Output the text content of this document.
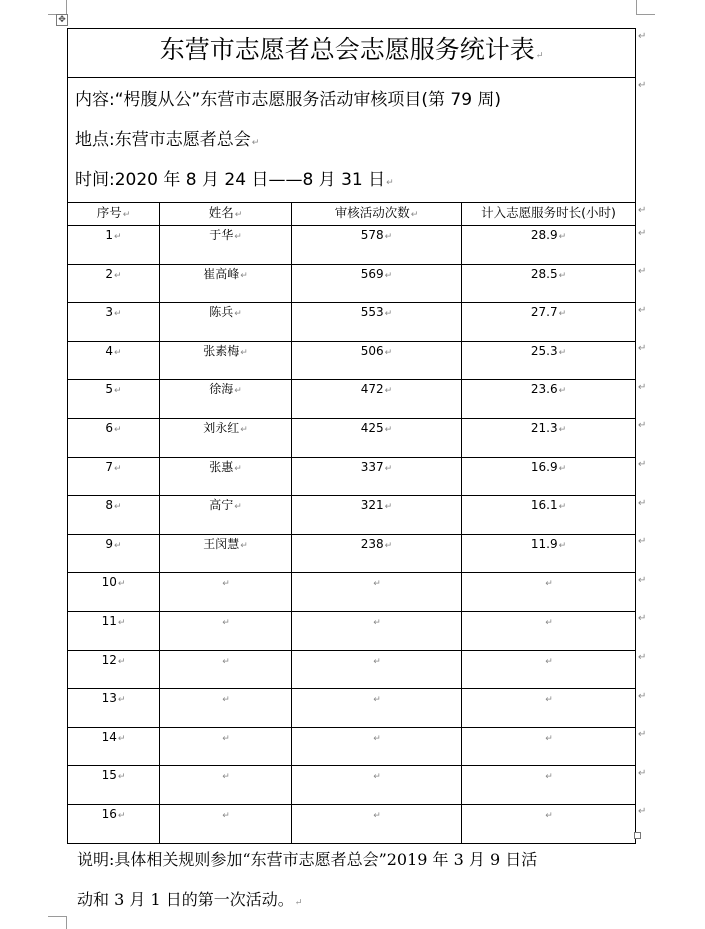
✥
东营市志愿者总会志愿服务统计表↵			

内容:“枵腹从公”东营市志愿服务活动审核项目(第 79 周)
地点:东营市志愿者总会↵
时间:2020 年 8 月 24 日——8 月 31 日↵			

序号↵	姓名↵	审核活动次数↵	计入志愿服务时长(小时)
1↵	于华↵	578↵	28.9↵
2↵	崔高峰↵	569↵	28.5↵
3↵	陈兵↵	553↵	27.7↵
4↵	张素梅↵	506↵	25.3↵
5↵	徐海↵	472↵	23.6↵
6↵	刘永红↵	425↵	21.3↵
7↵	张惠↵	337↵	16.9↵
8↵	高宁↵	321↵	16.1↵
9↵	王闵慧↵	238↵	11.9↵
10↵	↵	↵	↵
11↵	↵	↵	↵
12↵	↵	↵	↵
13↵	↵	↵	↵
14↵	↵	↵	↵
15↵	↵	↵	↵
16↵	↵	↵	↵
↵
↵
↵
↵
↵
↵
↵
↵
↵
↵
↵
↵
↵
↵
↵
↵
↵
↵
↵
说明:具体相关规则参加“东营市志愿者总会”2019 年 3 月 9 日活
动和 3 月 1 日的第一次活动。↵
